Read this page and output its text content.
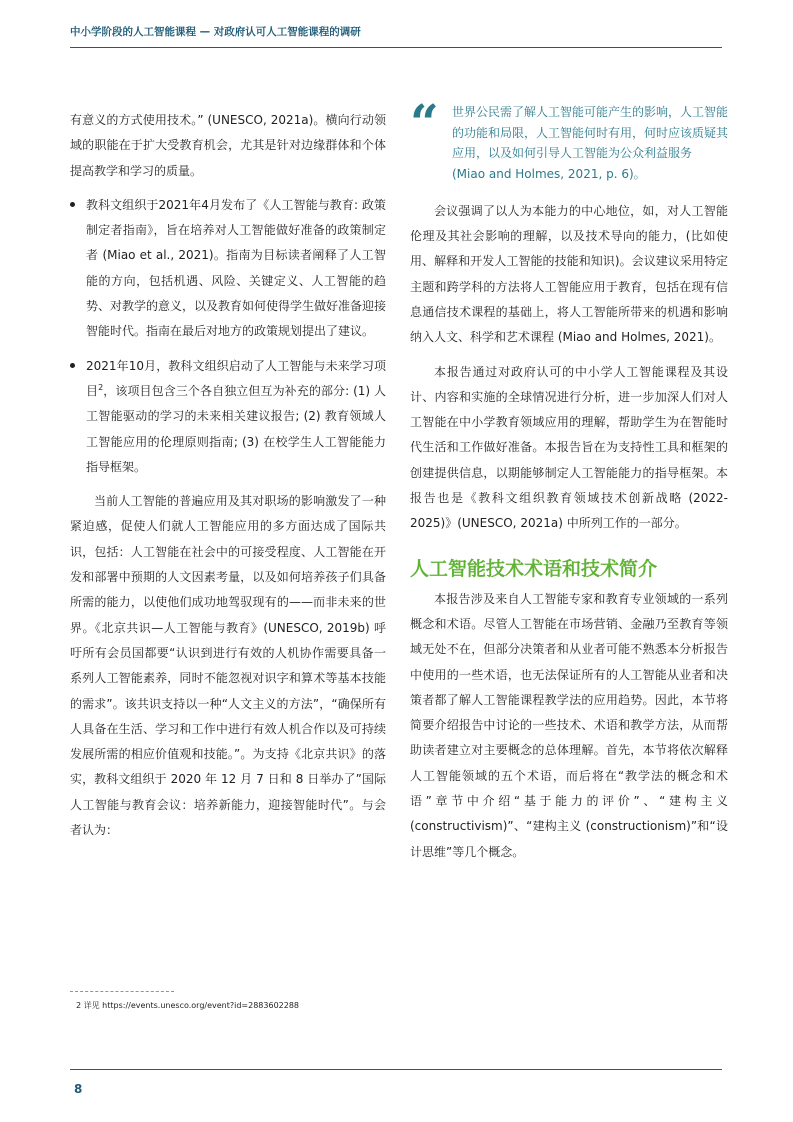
中小学阶段的人工智能课程 — 对政府认可人工智能课程的调研

有意义的方式使用技术。” (UNESCO, 2021a)。横向行动领域的职能在于扩大受教育机会，尤其是针对边缘群体和个体提高教学和学习的质量。

教科文组织于2021年4月发布了《人工智能与教育: 政策制定者指南》，旨在培养对人工智能做好准备的政策制定者 (Miao et al., 2021)。指南为目标读者阐释了人工智能的方向，包括机遇、风险、关键定义、人工智能的趋势、对教学的意义，以及教育如何使得学生做好准备迎接智能时代。指南在最后对地方的政策规划提出了建议。

2021年10月，教科文组织启动了人工智能与未来学习项目$^2$，该项目包含三个各自独立但互为补充的部分: (1) 人工智能驱动的学习的未来相关建议报告; (2) 教育领域人工智能应用的伦理原则指南; (3) 在校学生人工智能能力指导框架。

当前人工智能的普遍应用及其对职场的影响激发了一种紧迫感，促使人们就人工智能应用的多方面达成了国际共识，包括：人工智能在社会中的可接受程度、人工智能在开发和部署中预期的人文因素考量，以及如何培养孩子们具备所需的能力，以使他们成功地驾驭现有的——而非未来的世界。《北京共识—人工智能与教育》(UNESCO, 2019b) 呼吁所有会员国都要“认识到进行有效的人机协作需要具备一系列人工智能素养，同时不能忽视对识字和算术等基本技能的需求”。该共识支持以一种“人文主义的方法”，“确保所有人具备在生活、学习和工作中进行有效人机合作以及可持续发展所需的相应价值观和技能。”。为支持《北京共识》的落实，教科文组织于 2020 年 12 月 7 日和 8 日举办了”国际人工智能与教育会议：培养新能力，迎接智能时代”。与会者认为：

“ 世界公民需了解人工智能可能产生的影响，人工智能的功能和局限，人工智能何时有用，何时应该质疑其应用，以及如何引导人工智能为公众利益服务 (Miao and Holmes, 2021, p. 6)。

会议强调了以人为本能力的中心地位，如，对人工智能伦理及其社会影响的理解，以及技术导向的能力，(比如使用、解释和开发人工智能的技能和知识)。会议建议采用特定主题和跨学科的方法将人工智能应用于教育，包括在现有信息通信技术课程的基础上，将人工智能所带来的机遇和影响纳入人文、科学和艺术课程 (Miao and Holmes, 2021)。

本报告通过对政府认可的中小学人工智能课程及其设计、内容和实施的全球情况进行分析，进一步加深人们对人工智能在中小学教育领域应用的理解，帮助学生为在智能时代生活和工作做好准备。本报告旨在为支持性工具和框架的创建提供信息，以期能够制定人工智能能力的指导框架。本报告也是《教科文组织教育领域技术创新战略 (2022-2025)》(UNESCO, 2021a) 中所列工作的一部分。

人工智能技术术语和技术简介

本报告涉及来自人工智能专家和教育专业领域的一系列概念和术语。尽管人工智能在市场营销、金融乃至教育等领域无处不在，但部分决策者和从业者可能不熟悉本分析报告中使用的一些术语，也无法保证所有的人工智能从业者和决策者都了解人工智能课程教学法的应用趋势。因此，本节将简要介绍报告中讨论的一些技术、术语和教学方法，从而帮助读者建立对主要概念的总体理解。首先，本节将依次解释人工智能领域的五个术语，而后将在“教学法的概念和术语”章节中介绍“基于能力的评价”、“建构主义 (constructivism)”、“建构主义 (constructionism)”和“设计思维”等几个概念。

2 详见 https://events.unesco.org/event?id=2883602288
8
